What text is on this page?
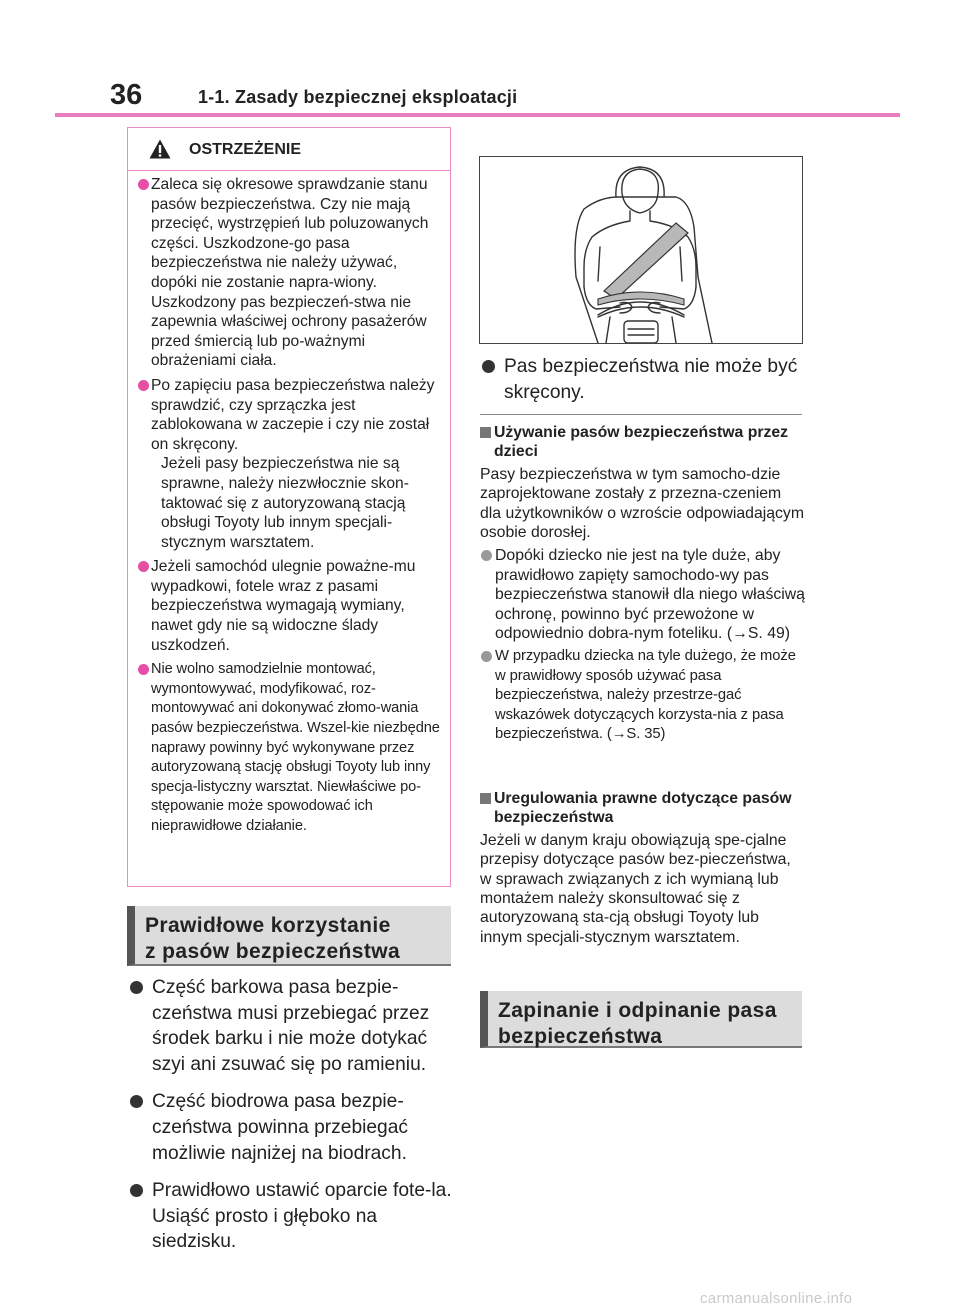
36	1-1. Zasady bezpiecznej eksploatacji
OSTRZEŻENIE
Zaleca się okresowe sprawdzanie stanu pasów bezpieczeństwa. Czy nie mają przecięć, wystrzępień lub poluzowanych części. Uszkodzone-go pasa bezpieczeństwa nie należy używać, dopóki nie zostanie napra-wiony. Uszkodzony pas bezpieczeń-stwa nie zapewnia właściwej ochrony pasażerów przed śmiercią lub po-ważnymi obrażeniami ciała.
Po zapięciu pasa bezpieczeństwa należy sprawdzić, czy sprzączka jest zablokowana w zaczepie i czy nie został on skręcony.
Jeżeli pasy bezpieczeństwa nie są sprawne, należy niezwłocznie skon-taktować się z autoryzowaną stacją obsługi Toyoty lub innym specjali-stycznym warsztatem.
Jeżeli samochód ulegnie poważne-mu wypadkowi, fotele wraz z pasami bezpieczeństwa wymagają wymiany, nawet gdy nie są widoczne ślady uszkodzeń.
Nie wolno samodzielnie montować, wymontowywać, modyfikować, roz-montowywać ani dokonywać złomo-wania pasów bezpieczeństwa. Wszel-kie niezbędne naprawy powinny być wykonywane przez autoryzowaną stację obsługi Toyoty lub inny specja-listyczny warsztat. Niewłaściwe po-stępowanie może spowodować ich nieprawidłowe działanie.
Prawidłowe korzystanie
z pasów bezpieczeństwa
Część barkowa pasa bezpie-czeństwa musi przebiegać przez środek barku i nie może dotykać szyi ani zsuwać się po ramieniu.
Część biodrowa pasa bezpie-czeństwa powinna przebiegać możliwie najniżej na biodrach.
Prawidłowo ustawić oparcie fote-la. Usiąść prosto i głęboko na siedzisku.
Pas bezpieczeństwa nie może być skręcony.
Używanie pasów bezpieczeństwa przez dzieci
Pasy bezpieczeństwa w tym samocho-dzie zaprojektowane zostały z przezna-czeniem dla użytkowników o wzroście odpowiadającym osobie dorosłej.
Dopóki dziecko nie jest na tyle duże, aby prawidłowo zapięty samochodo-wy pas bezpieczeństwa stanowił dla niego właściwą ochronę, powinno być przewożone w odpowiednio dobra-nym foteliku. (→S. 49)
W przypadku dziecka na tyle dużego, że może w prawidłowy sposób używać pasa bezpieczeństwa, należy przestrze-gać wskazówek dotyczących korzysta-nia z pasa bezpieczeństwa. (→S. 35)
Uregulowania prawne dotyczące pasów bezpieczeństwa
Jeżeli w danym kraju obowiązują spe-cjalne przepisy dotyczące pasów bez-pieczeństwa, w sprawach związanych z ich wymianą lub montażem należy skonsultować się z autoryzowaną sta-cją obsługi Toyoty lub innym specjali-stycznym warsztatem.
Zapinanie i odpinanie pasa
bezpieczeństwa
carmanualsonline.info
